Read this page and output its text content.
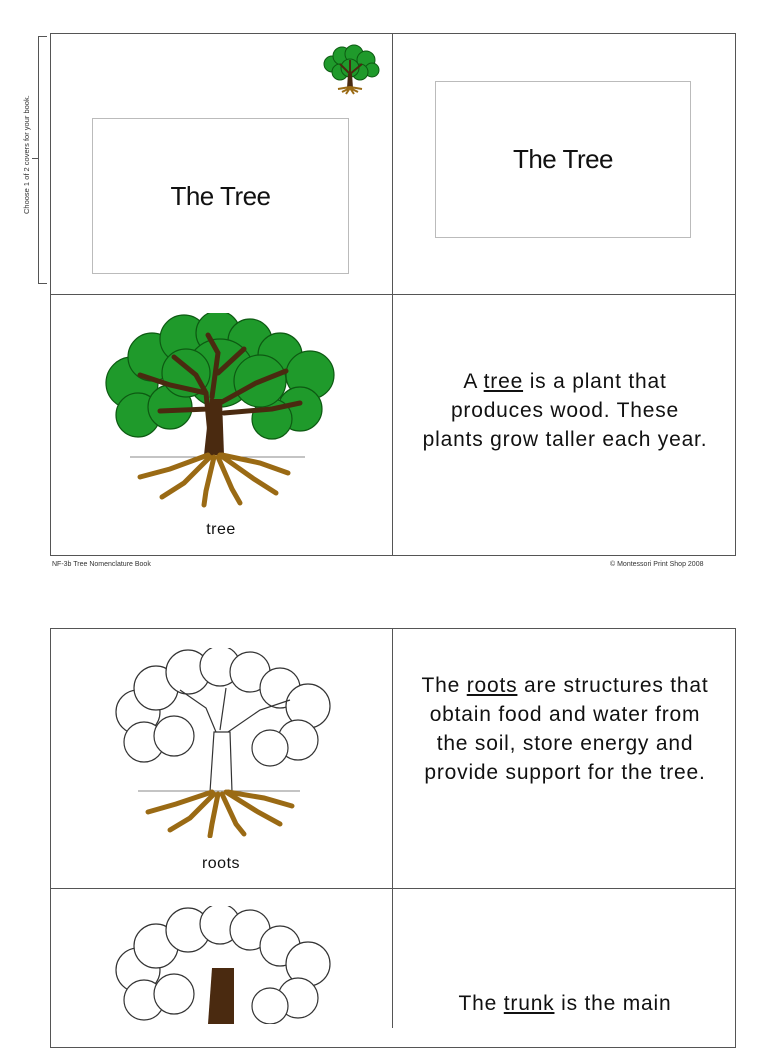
Choose 1 of 2 covers for your book.	The Tree
The Tree
tree
A tree is a plant that produces wood. These plants grow taller each year.
NF-3b Tree Nomenclature Book	© Montessori Print Shop 2008
roots
The roots are structures that obtain food and water from the soil, store energy and provide support for the tree.
The trunk is the main
